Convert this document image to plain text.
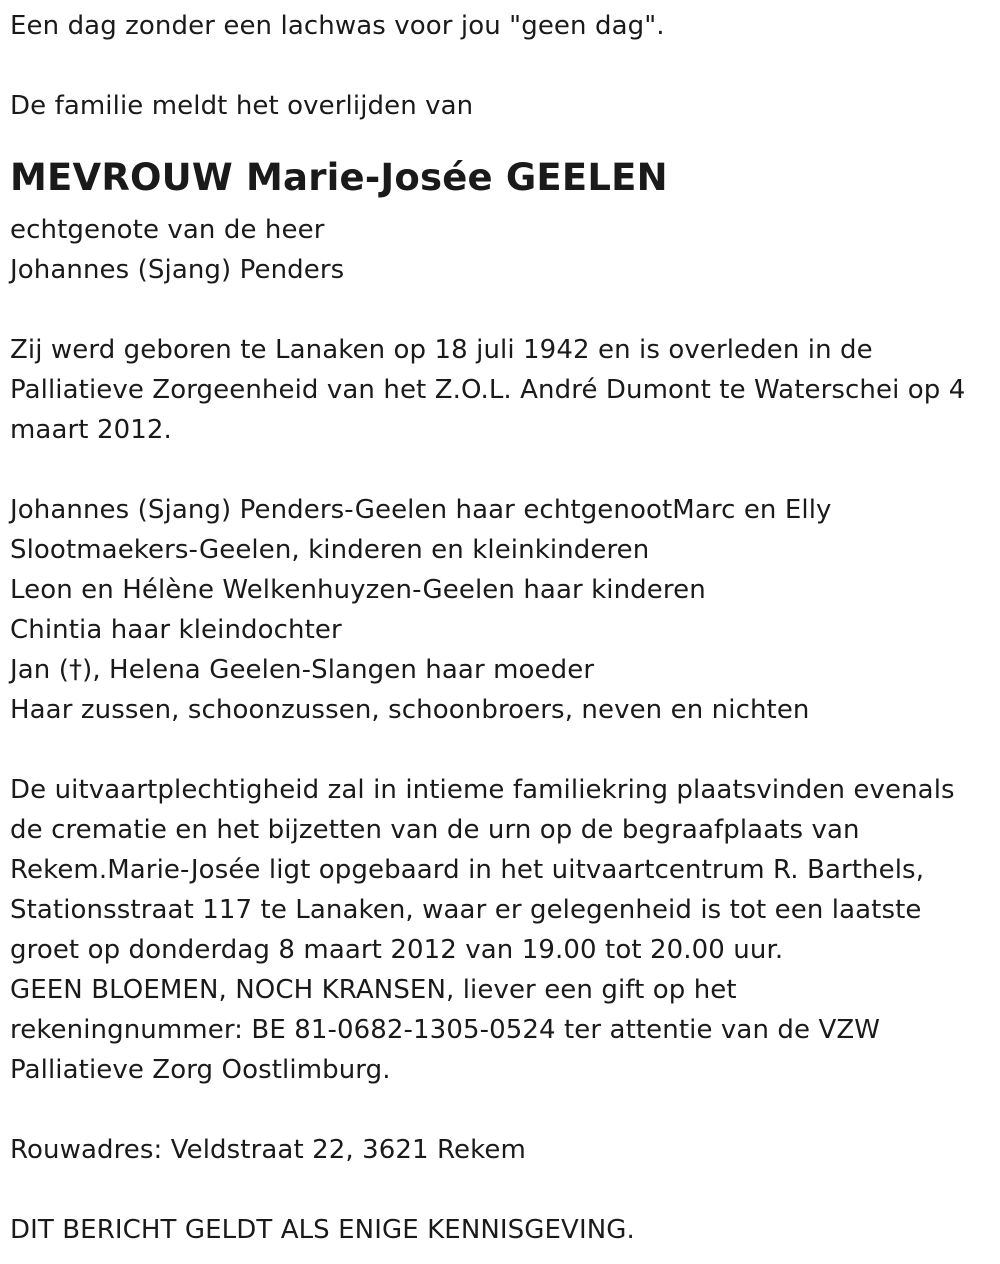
Een dag zonder een lachwas voor jou "geen dag".
De familie meldt het overlijden van
MEVROUW Marie-Josée GEELEN
echtgenote van de heer
Johannes (Sjang) Penders
Zij werd geboren te Lanaken op 18 juli 1942 en is overleden in de
Palliatieve Zorgeenheid van het Z.O.L. André Dumont te Waterschei op 4
maart 2012.
Johannes (Sjang) Penders-Geelen haar echtgenootMarc en Elly
Slootmaekers-Geelen, kinderen en kleinkinderen
Leon en Hélène Welkenhuyzen-Geelen haar kinderen
Chintia haar kleindochter
Jan (†), Helena Geelen-Slangen haar moeder
Haar zussen, schoonzussen, schoonbroers, neven en nichten
De uitvaartplechtigheid zal in intieme familiekring plaatsvinden evenals
de crematie en het bijzetten van de urn op de begraafplaats van
Rekem.Marie-Josée ligt opgebaard in het uitvaartcentrum R. Barthels,
Stationsstraat 117 te Lanaken, waar er gelegenheid is tot een laatste
groet op donderdag 8 maart 2012 van 19.00 tot 20.00 uur.
GEEN BLOEMEN, NOCH KRANSEN, liever een gift op het
rekeningnummer: BE 81-0682-1305-0524 ter attentie van de VZW
Palliatieve Zorg Oostlimburg.
Rouwadres: Veldstraat 22, 3621 Rekem
DIT BERICHT GELDT ALS ENIGE KENNISGEVING.
